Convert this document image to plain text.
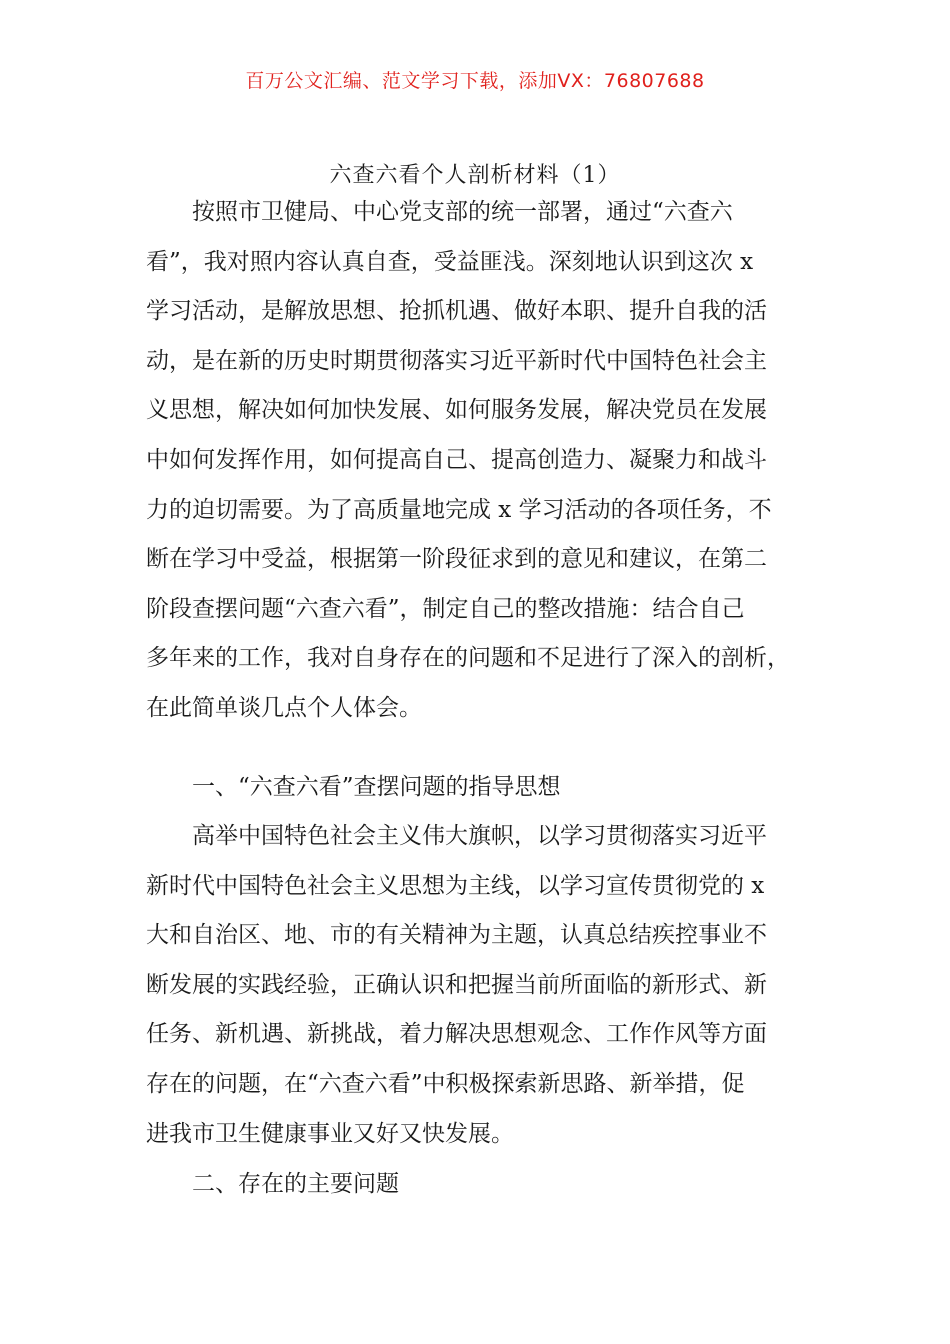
百万公文汇编、范文学习下载，添加VX：76807688
六查六看个人剖析材料（1）
按照市卫健局、中心党支部的统一部署，通过“六查六
看”，我对照内容认真自查，受益匪浅。深刻地认识到这次 x
学习活动，是解放思想、抢抓机遇、做好本职、提升自我的活
动，是在新的历史时期贯彻落实习近平新时代中国特色社会主
义思想，解决如何加快发展、如何服务发展，解决党员在发展
中如何发挥作用，如何提高自己、提高创造力、凝聚力和战斗
力的迫切需要。为了高质量地完成 x 学习活动的各项任务，不
断在学习中受益，根据第一阶段征求到的意见和建议，在第二
阶段查摆问题“六查六看”，制定自己的整改措施：结合自己
多年来的工作，我对自身存在的问题和不足进行了深入的剖析，
在此简单谈几点个人体会。
一、“六查六看”查摆问题的指导思想
高举中国特色社会主义伟大旗帜，以学习贯彻落实习近平
新时代中国特色社会主义思想为主线，以学习宣传贯彻党的 x
大和自治区、地、市的有关精神为主题，认真总结疾控事业不
断发展的实践经验，正确认识和把握当前所面临的新形式、新
任务、新机遇、新挑战，着力解决思想观念、工作作风等方面
存在的问题，在“六查六看”中积极探索新思路、新举措，促
进我市卫生健康事业又好又快发展。
二、存在的主要问题
